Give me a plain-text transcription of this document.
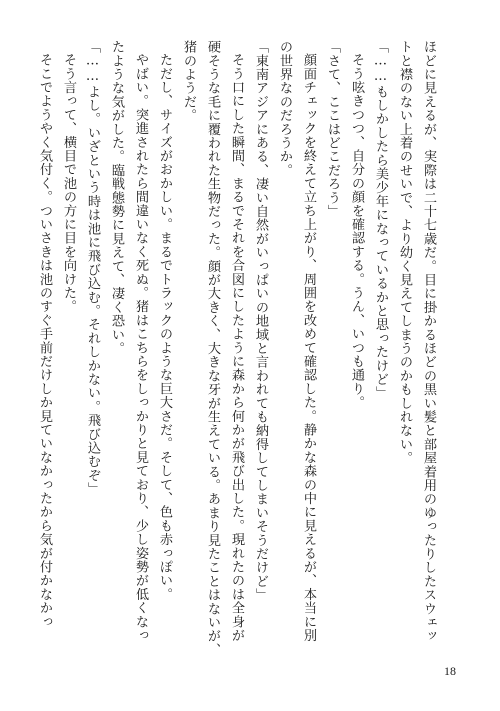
ほどに見えるが、実際は二十七歳だ。目に掛かるほどの黒い髪と部屋着用のゆったりしたスウェッ

トと襟のない上着のせいで、より幼く見えてしまうのかもしれない。

「……もしかしたら美少年になっているかと思ったけど」

そう呟きつつ、自分の顔を確認する。うん、いつも通り。

「さて、ここはどこだろう」

顔面チェックを終えて立ち上がり、周囲を改めて確認した。静かな森の中に見えるが、本当に別

の世界なのだろうか。

「東南アジアにある、凄い自然がいっぱいの地域と言われても納得してしまいそうだけど」

そう口にした瞬間、まるでそれを合図にしたように森から何かが飛び出した。現れたのは全身が

硬そうな毛に覆われた生物だった。顔が大きく、大きな牙が生えている。あまり見たことはないが、

猪のようだ。

ただし、サイズがおかしい。まるでトラックのような巨大さだ。そして、色も赤っぽい。

やばい。突進されたら間違いなく死ぬ。猪はこちらをしっかりと見ており、少し姿勢が低くなっ

たような気がした。臨戦態勢に見えて、凄く恐い。

「……よし。いざという時は池に飛び込む。それしかない。飛び込むぞ」

そう言って、横目で池の方に目を向けた。

そこでようやく気付く。ついさきは池のすぐ手前だけしか見ていなかったから気が付かなかっ

18
